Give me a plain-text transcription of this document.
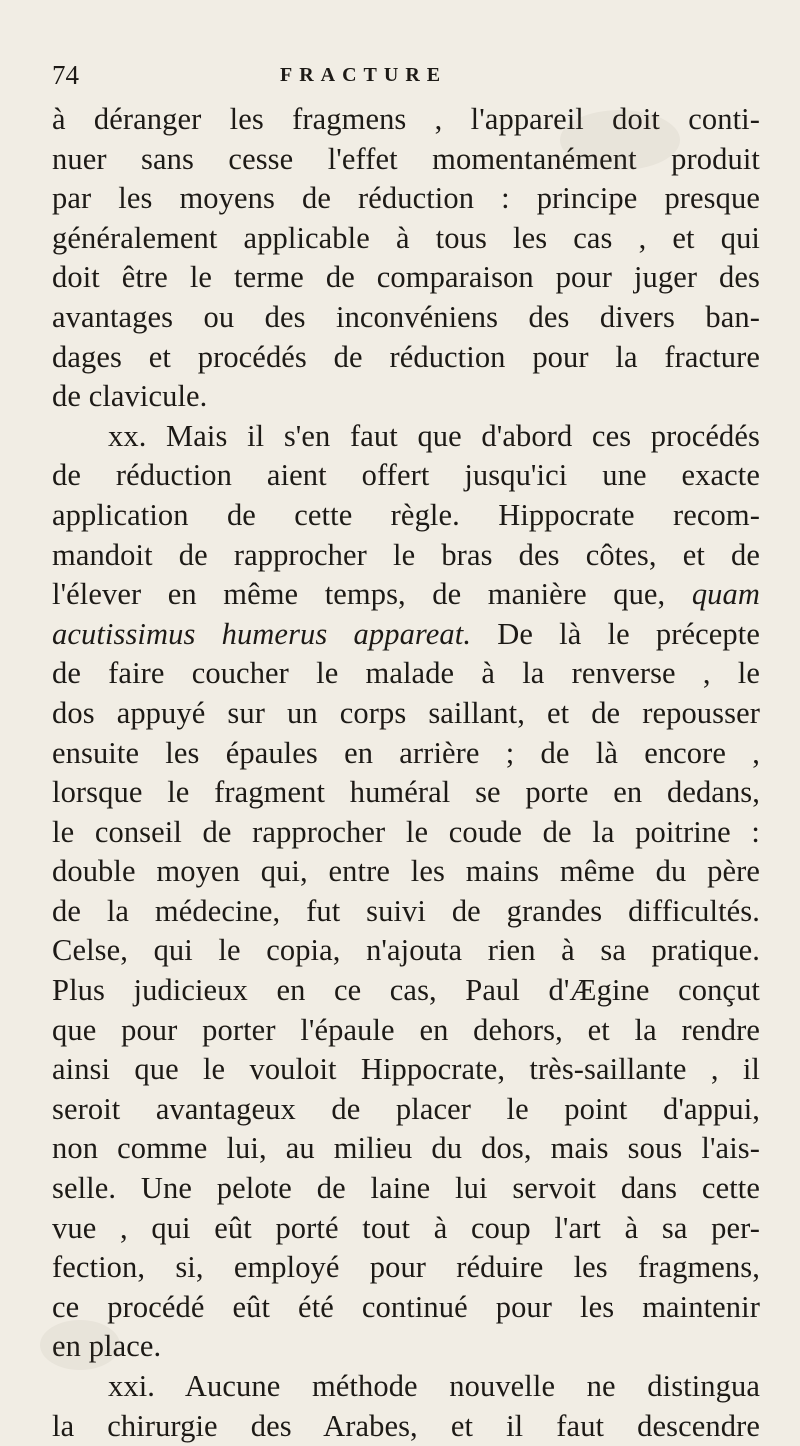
74	FRACTURE
à déranger les fragmens , l'appareil doit conti-
nuer sans cesse l'effet momentanément produit
par les moyens de réduction : principe presque
généralement applicable à tous les cas , et qui
doit être le terme de comparaison pour juger des
avantages ou des inconvéniens des divers ban-
dages et procédés de réduction pour la fracture
de clavicule.
xx. Mais il s'en faut que d'abord ces procédés
de réduction aient offert jusqu'ici une exacte
application de cette règle. Hippocrate recom-
mandoit de rapprocher le bras des côtes, et de
l'élever en même temps, de manière que, quam
acutissimus humerus appareat. De là le précepte
de faire coucher le malade à la renverse , le
dos appuyé sur un corps saillant, et de repousser
ensuite les épaules en arrière ; de là encore ,
lorsque le fragment huméral se porte en dedans,
le conseil de rapprocher le coude de la poitrine :
double moyen qui, entre les mains même du père
de la médecine, fut suivi de grandes difficultés.
Celse, qui le copia, n'ajouta rien à sa pratique.
Plus judicieux en ce cas, Paul d'Ægine conçut
que pour porter l'épaule en dehors, et la rendre
ainsi que le vouloit Hippocrate, très-saillante , il
seroit avantageux de placer le point d'appui,
non comme lui, au milieu du dos, mais sous l'ais-
selle. Une pelote de laine lui servoit dans cette
vue , qui eût porté tout à coup l'art à sa per-
fection, si, employé pour réduire les fragmens,
ce procédé eût été continué pour les maintenir
en place.
xxi. Aucune méthode nouvelle ne distingua
la chirurgie des Arabes, et il faut descendre
